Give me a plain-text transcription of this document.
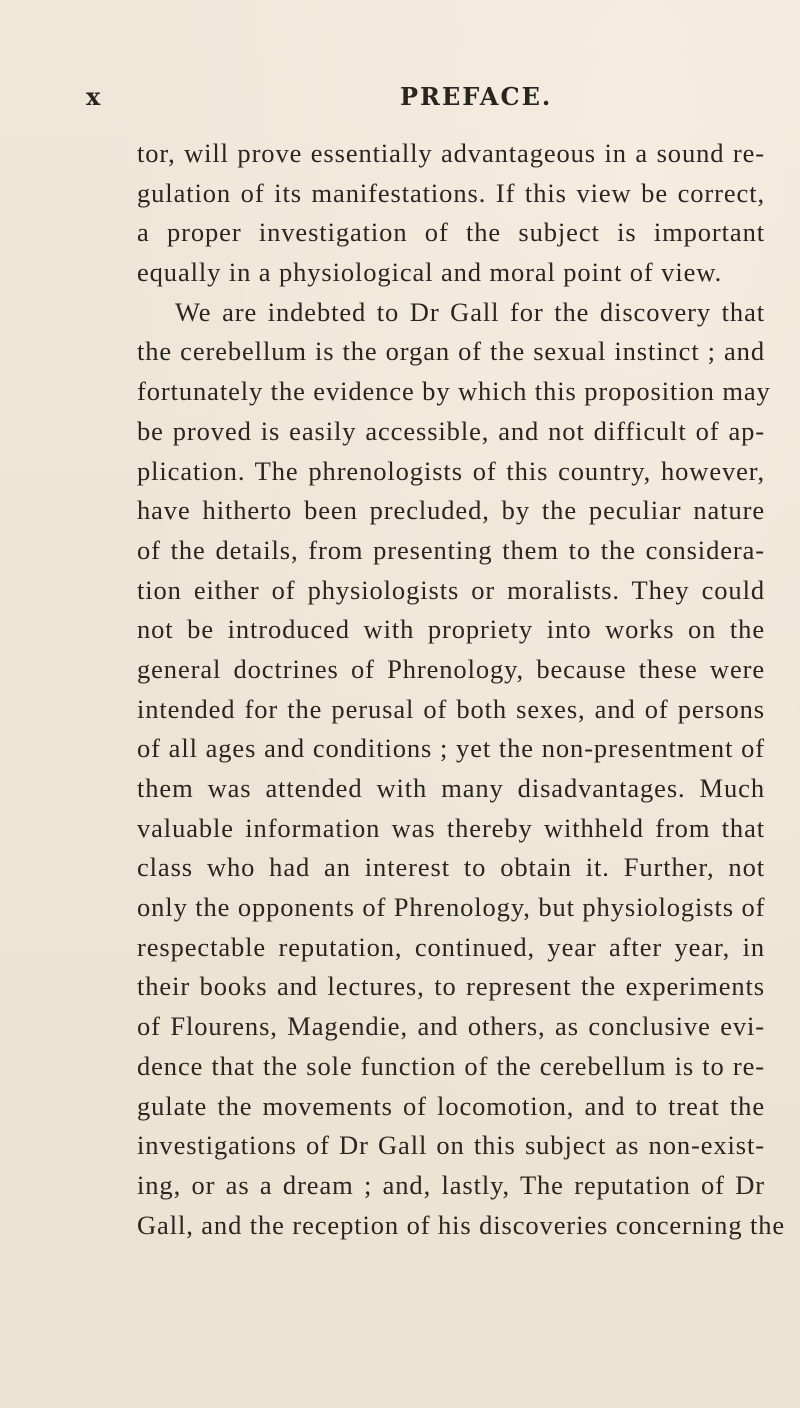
x	PREFACE.
tor, will prove essentially advantageous in a sound re-
gulation of its manifestations. If this view be correct,
a proper investigation of the subject is important
equally in a physiological and moral point of view.
We are indebted to Dr Gall for the discovery that
the cerebellum is the organ of the sexual instinct ; and
fortunately the evidence by which this proposition may
be proved is easily accessible, and not difficult of ap-
plication. The phrenologists of this country, however,
have hitherto been precluded, by the peculiar nature
of the details, from presenting them to the considera-
tion either of physiologists or moralists. They could
not be introduced with propriety into works on the
general doctrines of Phrenology, because these were
intended for the perusal of both sexes, and of persons
of all ages and conditions ; yet the non-presentment of
them was attended with many disadvantages. Much
valuable information was thereby withheld from that
class who had an interest to obtain it. Further, not
only the opponents of Phrenology, but physiologists of
respectable reputation, continued, year after year, in
their books and lectures, to represent the experiments
of Flourens, Magendie, and others, as conclusive evi-
dence that the sole function of the cerebellum is to re-
gulate the movements of locomotion, and to treat the
investigations of Dr Gall on this subject as non-exist-
ing, or as a dream ; and, lastly, The reputation of Dr
Gall, and the reception of his discoveries concerning the
